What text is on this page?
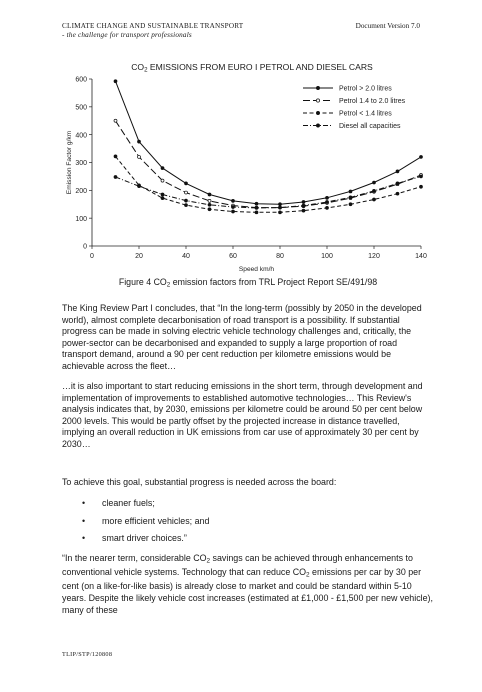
CLIMATE CHANGE AND SUSTAINABLE TRANSPORT
- the challenge for transport professionals
Document Version 7.0
$CO_2$ EMISSIONS FROM EURO I PETROL AND DIESEL CARS
0
100
200
300
400
500
600
0	20	40	60	80	100	120	140
Speed km/h
Emission Factor g/km
Petrol > 2.0 litres
Petrol 1.4 to 2.0 litres
Petrol < 1.4 litres
Diesel all capacities
Figure 4 $CO_2$ emission factors from TRL Project Report SE/491/98
The King Review Part I concludes, that “In the long-term (possibly by 2050 in the developed world), almost complete decarbonisation of road transport is a possibility. If substantial progress can be made in solving electric vehicle technology challenges and, critically, the power-sector can be decarbonised and expanded to supply a large proportion of road transport demand, around a 90 per cent reduction per kilometre emissions would be achievable across the fleet…
…it is also important to start reducing emissions in the short term, through development and implementation of improvements to established automotive technologies… This Review's analysis indicates that, by 2030, emissions per kilometre could be around 50 per cent below 2000 levels. This would be partly offset by the projected increase in distance travelled, implying an overall reduction in UK emissions from car use of approximately 30 per cent by 2030…
To achieve this goal, substantial progress is needed across the board:
• cleaner fuels;
• more efficient vehicles; and
• smart driver choices.”
“In the nearer term, considerable $CO_2$ savings can be achieved through enhancements to conventional vehicle systems. Technology that can reduce $CO_2$ emissions per car by 30 per cent (on a like-for-like basis) is already close to market and could be standard within 5-10 years. Despite the likely vehicle cost increases (estimated at £1,000 - £1,500 per new vehicle), many of these
TLIP/STP/120808
